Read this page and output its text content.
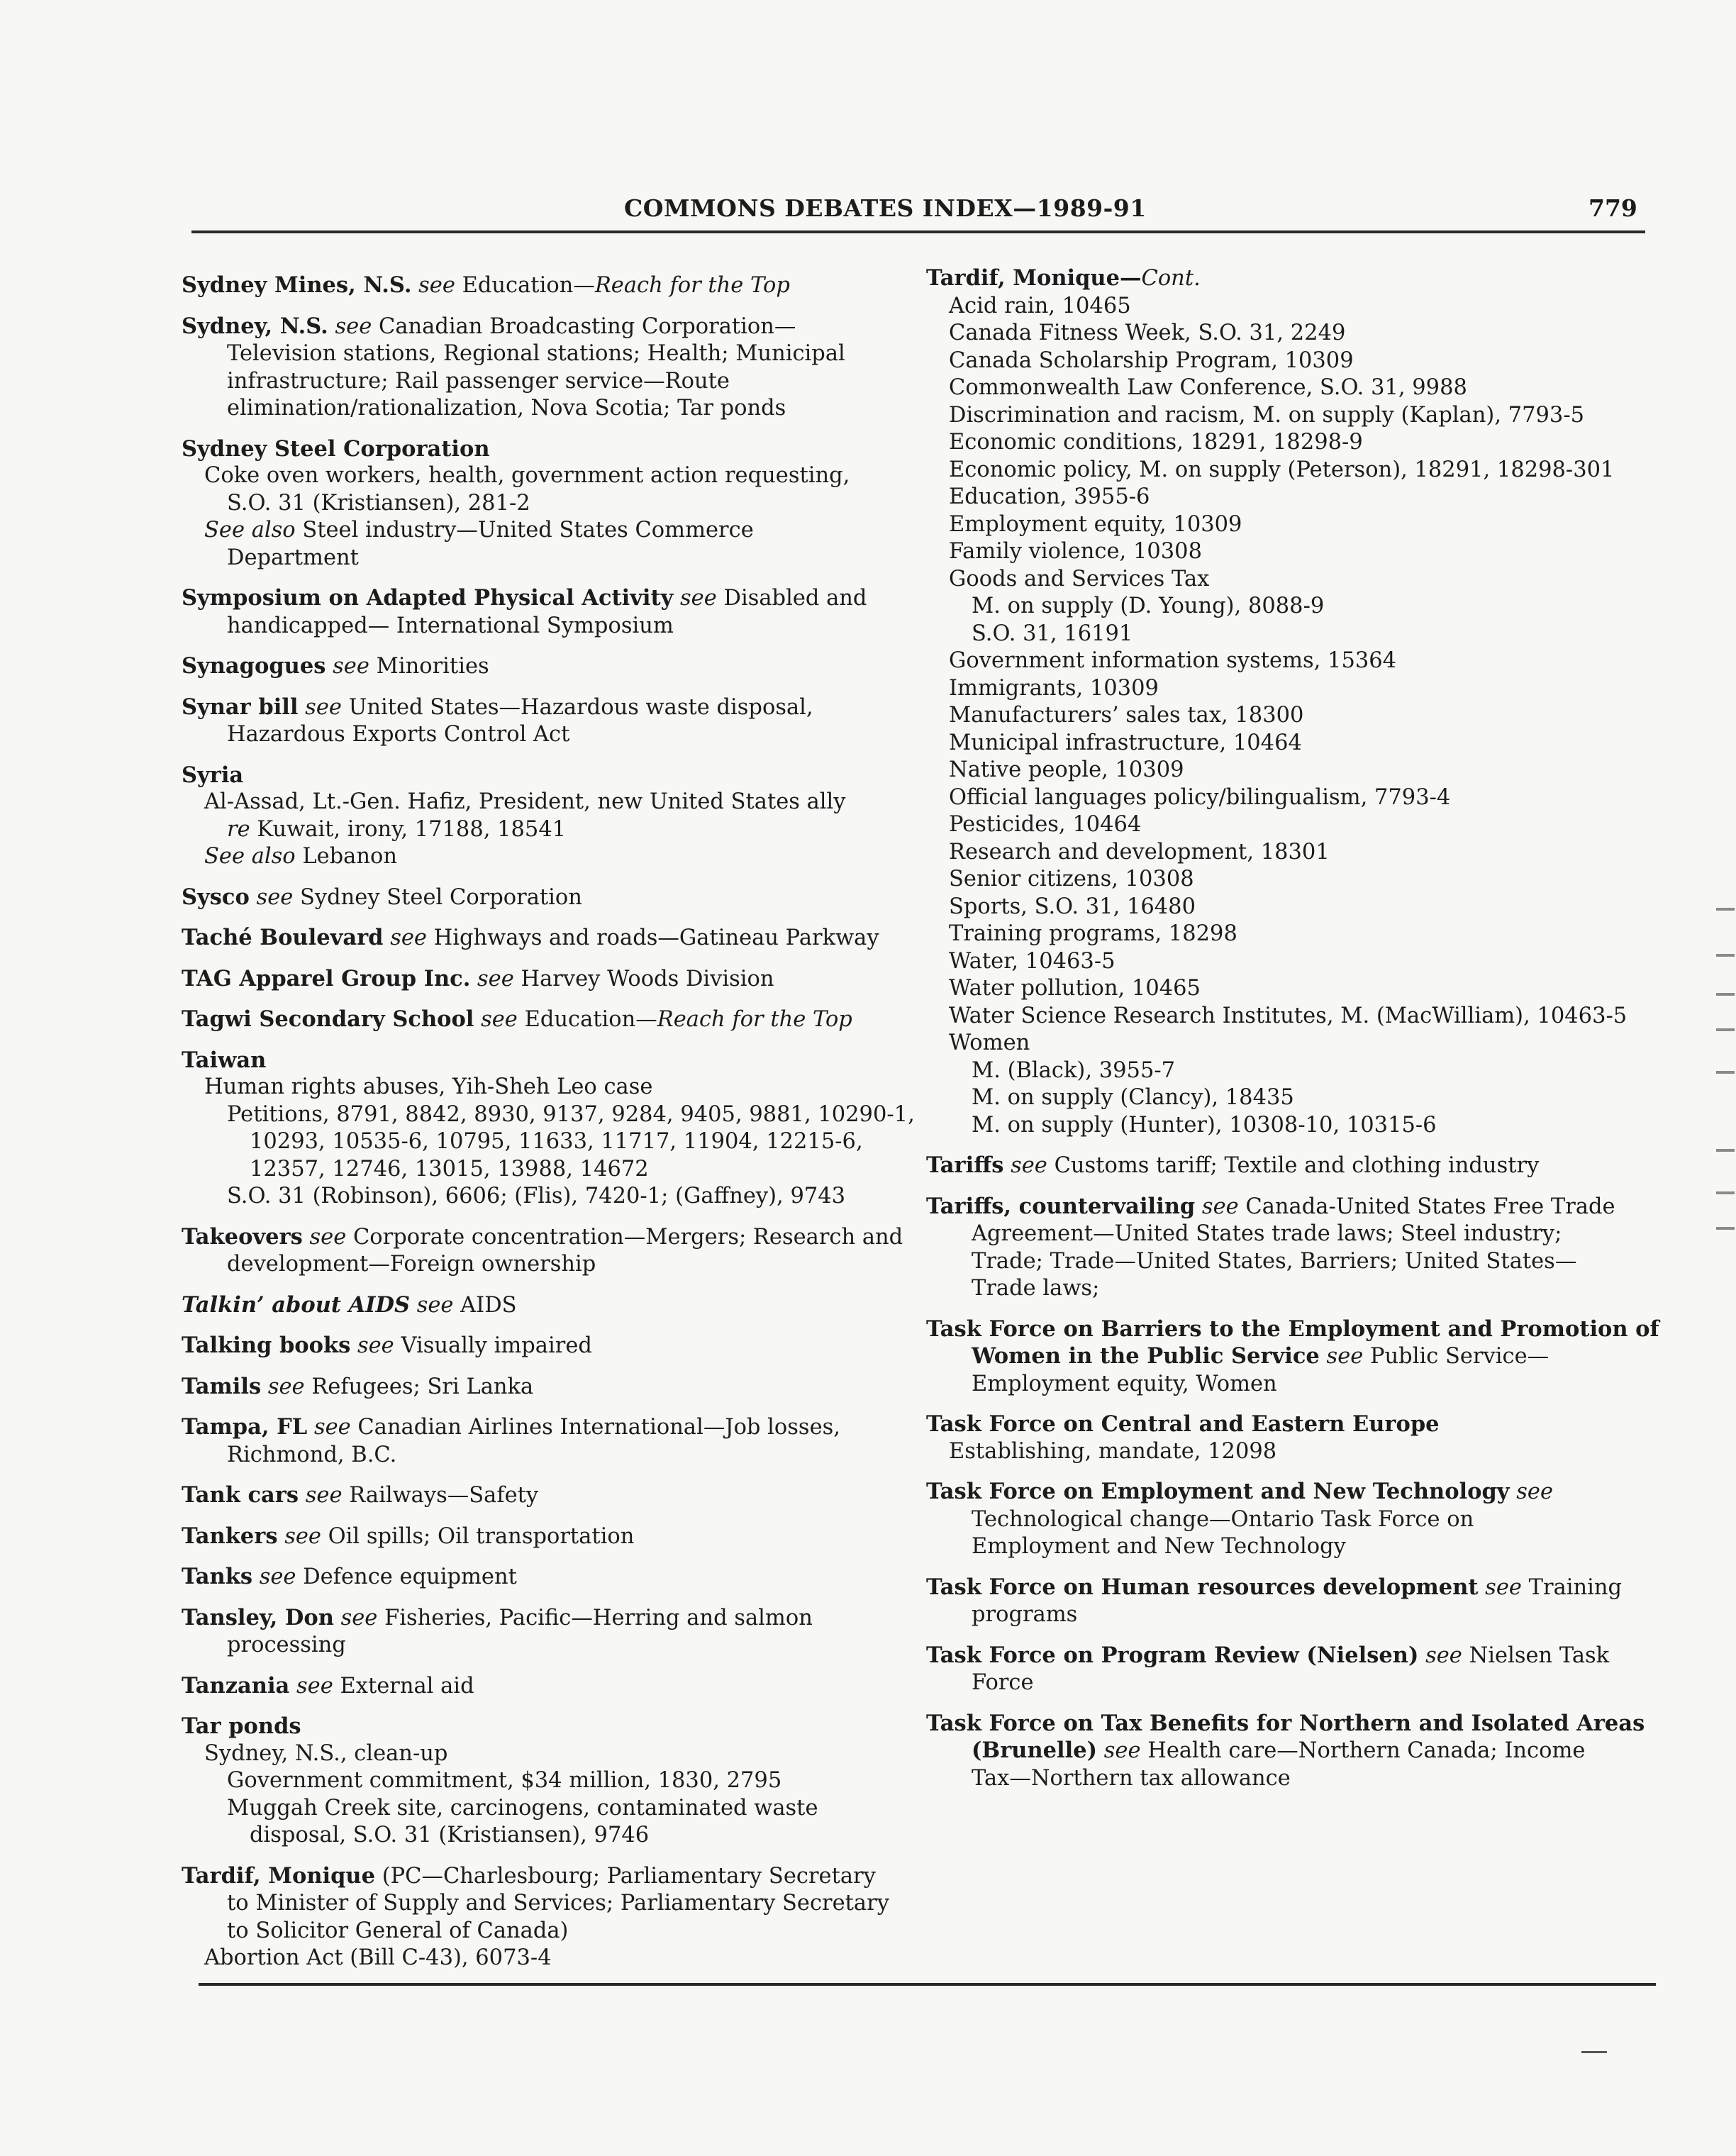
COMMONS DEBATES INDEX—1989-91	779
Sydney Mines, N.S. see Education—Reach for the Top
Sydney, N.S. see Canadian Broadcasting Corporation—
Television stations, Regional stations; Health; Municipal
infrastructure; Rail passenger service—Route
elimination/rationalization, Nova Scotia; Tar ponds
Sydney Steel Corporation
Coke oven workers, health, government action requesting,
S.O. 31 (Kristiansen), 281-2
See also Steel industry—United States Commerce
Department
Symposium on Adapted Physical Activity see Disabled and
handicapped— International Symposium
Synagogues see Minorities
Synar bill see United States—Hazardous waste disposal,
Hazardous Exports Control Act
Syria
Al-Assad, Lt.-Gen. Hafiz, President, new United States ally
re Kuwait, irony, 17188, 18541
See also Lebanon
Sysco see Sydney Steel Corporation
Taché Boulevard see Highways and roads—Gatineau Parkway
TAG Apparel Group Inc. see Harvey Woods Division
Tagwi Secondary School see Education—Reach for the Top
Taiwan
Human rights abuses, Yih-Sheh Leo case
Petitions, 8791, 8842, 8930, 9137, 9284, 9405, 9881, 10290-1,
10293, 10535-6, 10795, 11633, 11717, 11904, 12215-6,
12357, 12746, 13015, 13988, 14672
S.O. 31 (Robinson), 6606; (Flis), 7420-1; (Gaffney), 9743
Takeovers see Corporate concentration—Mergers; Research and
development—Foreign ownership
Talkin’ about AIDS see AIDS
Talking books see Visually impaired
Tamils see Refugees; Sri Lanka
Tampa, FL see Canadian Airlines International—Job losses,
Richmond, B.C.
Tank cars see Railways—Safety
Tankers see Oil spills; Oil transportation
Tanks see Defence equipment
Tansley, Don see Fisheries, Pacific—Herring and salmon
processing
Tanzania see External aid
Tar ponds
Sydney, N.S., clean-up
Government commitment, $34 million, 1830, 2795
Muggah Creek site, carcinogens, contaminated waste
disposal, S.O. 31 (Kristiansen), 9746
Tardif, Monique (PC—Charlesbourg; Parliamentary Secretary
to Minister of Supply and Services; Parliamentary Secretary
to Solicitor General of Canada)
Abortion Act (Bill C-43), 6073-4
Tardif, Monique—Cont.
Acid rain, 10465
Canada Fitness Week, S.O. 31, 2249
Canada Scholarship Program, 10309
Commonwealth Law Conference, S.O. 31, 9988
Discrimination and racism, M. on supply (Kaplan), 7793-5
Economic conditions, 18291, 18298-9
Economic policy, M. on supply (Peterson), 18291, 18298-301
Education, 3955-6
Employment equity, 10309
Family violence, 10308
Goods and Services Tax
M. on supply (D. Young), 8088-9
S.O. 31, 16191
Government information systems, 15364
Immigrants, 10309
Manufacturers’ sales tax, 18300
Municipal infrastructure, 10464
Native people, 10309
Official languages policy/bilingualism, 7793-4
Pesticides, 10464
Research and development, 18301
Senior citizens, 10308
Sports, S.O. 31, 16480
Training programs, 18298
Water, 10463-5
Water pollution, 10465
Water Science Research Institutes, M. (MacWilliam), 10463-5
Women
M. (Black), 3955-7
M. on supply (Clancy), 18435
M. on supply (Hunter), 10308-10, 10315-6
Tariffs see Customs tariff; Textile and clothing industry
Tariffs, countervailing see Canada-United States Free Trade
Agreement—United States trade laws; Steel industry;
Trade; Trade—United States, Barriers; United States—
Trade laws;
Task Force on Barriers to the Employment and Promotion of
Women in the Public Service see Public Service—
Employment equity, Women
Task Force on Central and Eastern Europe
Establishing, mandate, 12098
Task Force on Employment and New Technology see
Technological change—Ontario Task Force on
Employment and New Technology
Task Force on Human resources development see Training
programs
Task Force on Program Review (Nielsen) see Nielsen Task
Force
Task Force on Tax Benefits for Northern and Isolated Areas
(Brunelle) see Health care—Northern Canada; Income
Tax—Northern tax allowance
